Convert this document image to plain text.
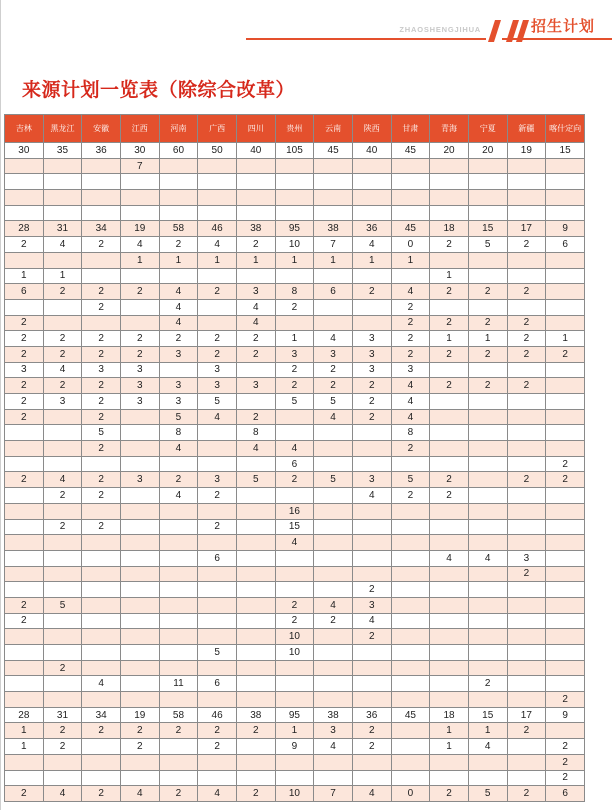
ZHAOSHENGJIHUA	招生计划
来源计划一览表（除综合改革）
吉林	黑龙江	安徽	江西	河南	广西	四川	贵州	云南	陕西	甘肃	青海	宁夏	新疆	喀什定向
30	35	36	30	60	50	40	105	45	40	45	20	20	19	15
			7											

28	31	34	19	58	46	38	95	38	36	45	18	15	17	9
2	4	2	4	2	4	2	10	7	4	0	2	5	2	6
			1	1	1	1	1	1	1	1				
1	1										1			
6	2	2	2	4	2	3	8	6	2	4	2	2	2	
		2		4		4	2			2				
2				4		4				2	2	2	2	
2	2	2	2	2	2	2	1	4	3	2	1	1	2	1
2	2	2	2	3	2	2	3	3	3	2	2	2	2	2
3	4	3	3		3		2	2	3	3				
2	2	2	3	3	3	3	2	2	2	4	2	2	2	
2	3	2	3	3	5		5	5	2	4				
2		2		5	4	2		4	2	4				
		5		8		8				8				
		2		4		4	4			2				
							6							2
2	4	2	3	2	3	5	2	5	3	5	2		2	2
	2	2		4	2				4	2	2			
							16							
	2	2			2		15							
							4							
					6						4	4	3	
													2	
									2					
2	5						2	4	3					
2							2	2	4					
							10		2					
					5		10							
	2													
		4		11	6							2		
														2
28	31	34	19	58	46	38	95	38	36	45	18	15	17	9
1	2	2	2	2	2	2	1	3	2		1	1	2	
1	2		2		2		9	4	2		1	4		2
														2
														2
2	4	2	4	2	4	2	10	7	4	0	2	5	2	6
